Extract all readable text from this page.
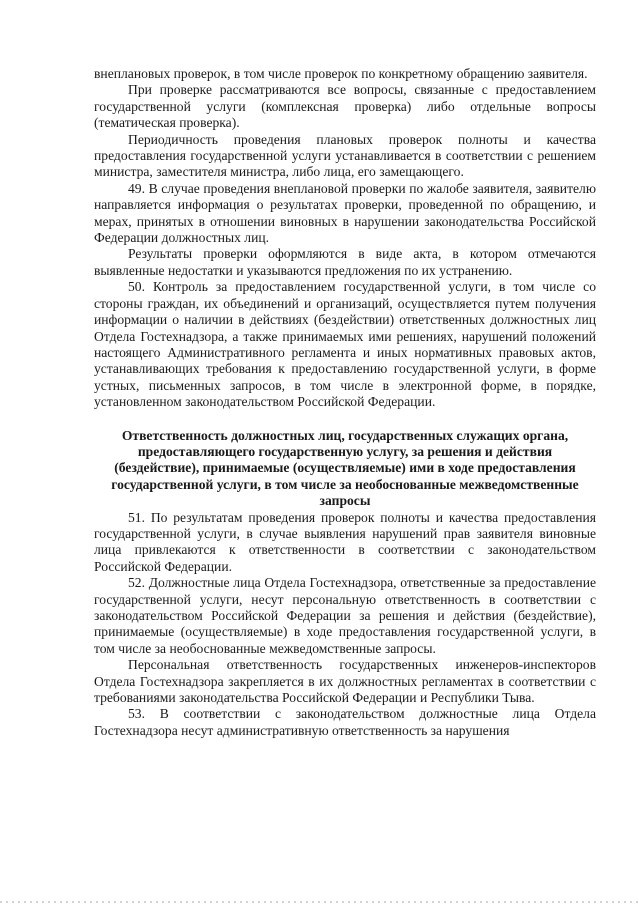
внеплановых проверок, в том числе проверок по конкретному обращению заявителя.

При проверке рассматриваются все вопросы, связанные с предоставлением государственной услуги (комплексная проверка) либо отдельные вопросы (тематическая проверка).

Периодичность проведения плановых проверок полноты и качества предоставления государственной услуги устанавливается в соответствии с решением министра, заместителя министра, либо лица, его замещающего.

49. В случае проведения внеплановой проверки по жалобе заявителя, заявителю направляется информация о результатах проверки, проведенной по обращению, и мерах, принятых в отношении виновных в нарушении законодательства Российской Федерации должностных лиц.

Результаты проверки оформляются в виде акта, в котором отмечаются выявленные недостатки и указываются предложения по их устранению.

50. Контроль за предоставлением государственной услуги, в том числе со стороны граждан, их объединений и организаций, осуществляется путем получения информации о наличии в действиях (бездействии) ответственных должностных лиц Отдела Гостехнадзора, а также принимаемых ими решениях, нарушений положений настоящего Административного регламента и иных нормативных правовых актов, устанавливающих требования к предоставлению государственной услуги, в форме устных, письменных запросов, в том числе в электронной форме, в порядке, установленном законодательством Российской Федерации.

Ответственность должностных лиц, государственных служащих органа, предоставляющего государственную услугу, за решения и действия (бездействие), принимаемые (осуществляемые) ими в ходе предоставления государственной услуги, в том числе за необоснованные межведомственные запросы

51. По результатам проведения проверок полноты и качества предоставления государственной услуги, в случае выявления нарушений прав заявителя виновные лица привлекаются к ответственности в соответствии с законодательством Российской Федерации.

52. Должностные лица Отдела Гостехнадзора, ответственные за предоставление государственной услуги, несут персональную ответственность в соответствии с законодательством Российской Федерации за решения и действия (бездействие), принимаемые (осуществляемые) в ходе предоставления государственной услуги, в том числе за необоснованные межведомственные запросы.

Персональная ответственность государственных инженеров-инспекторов Отдела Гостехнадзора закрепляется в их должностных регламентах в соответствии с требованиями законодательства Российской Федерации и Республики Тыва.

53. В соответствии с законодательством должностные лица Отдела Гостехнадзора несут административную ответственность за нарушения
